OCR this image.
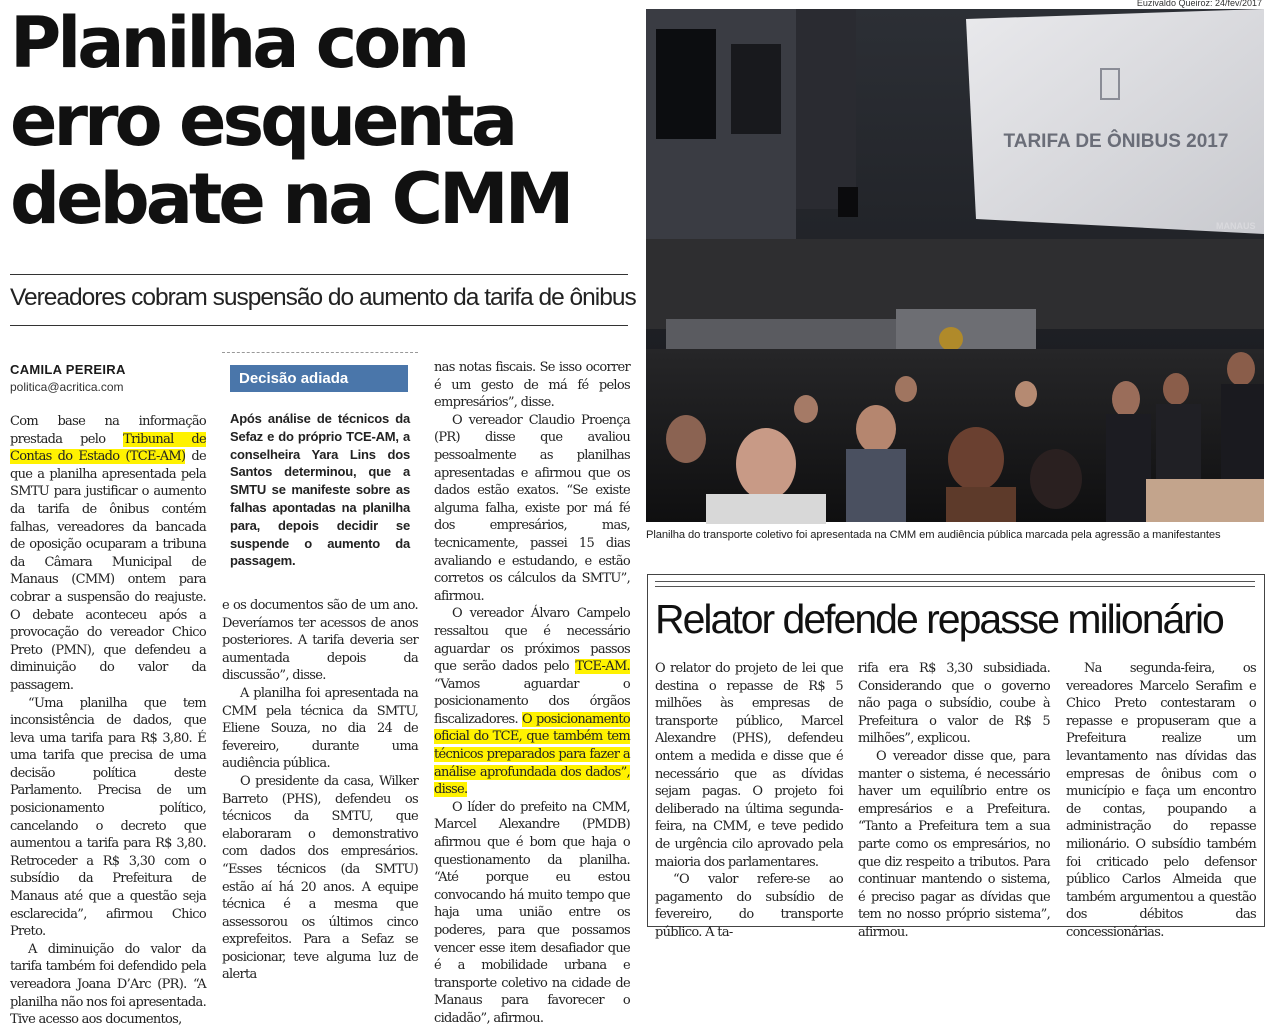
Planilha com
erro esquenta
debate na CMM
Vereadores cobram suspensão do aumento da tarifa de ônibus
CAMILA PEREIRA
politica@acritica.com

Com base na informação prestada pelo Tribunal de Contas do Estado (TCE-AM) de que a planilha apresentada pela SMTU para justificar o aumento da tarifa de ônibus contém falhas, vereadores da bancada de oposição ocuparam a tribuna da Câmara Municipal de Manaus (CMM) ontem para cobrar a suspensão do reajuste. O debate aconteceu após a provocação do vereador Chico Preto (PMN), que defendeu a diminuição do valor da passagem.

“Uma planilha que tem inconsistência de dados, que leva uma tarifa para R$ 3,80. É uma tarifa que precisa de uma decisão política deste Parlamento. Precisa de um posicionamento político, cancelando o decreto que aumentou a tarifa para R$ 3,80. Retroceder a R$ 3,30 com o subsídio da Prefeitura de Manaus até que a questão seja esclarecida”, afirmou Chico Preto.

A diminuição do valor da tarifa também foi defendido pela vereadora Joana D’Arc (PR). “A planilha não nos foi apresentada. Tive acesso aos documentos,

Decisão adiada
Após análise de técnicos da Sefaz e do próprio TCE-AM, a conselheira Yara Lins dos Santos determinou, que a SMTU se manifeste sobre as falhas apontadas na planilha para, depois decidir se suspende o aumento da passagem.

e os documentos são de um ano. Deveríamos ter acessos de anos posteriores. A tarifa deveria ser aumentada depois da discussão”, disse.

A planilha foi apresentada na CMM pela técnica da SMTU, Eliene Souza, no dia 24 de fevereiro, durante uma audiência pública.

O presidente da casa, Wilker Barreto (PHS), defendeu os técnicos da SMTU, que elaboraram o demonstrativo com dados dos empresários. “Esses técnicos (da SMTU) estão aí há 20 anos. A equipe técnica é a mesma que assessorou os últimos cinco exprefeitos. Para a Sefaz se posicionar, teve alguma luz de alerta

nas notas fiscais. Se isso ocorrer é um gesto de má fé pelos empresários”, disse.

O vereador Claudio Proença (PR) disse que avaliou pessoalmente as planilhas apresentadas e afirmou que os dados estão exatos. “Se existe alguma falha, existe por má fé dos empresários, mas, tecnicamente, passei 15 dias avaliando e estudando, e estão corretos os cálculos da SMTU”, afirmou.

O vereador Álvaro Campelo ressaltou que é necessário aguardar os próximos passos que serão dados pelo TCE-AM. “Vamos aguardar o posicionamento dos órgãos fiscalizadores. O posicionamento oficial do TCE, que também tem técnicos preparados para fazer a análise aprofundada dos dados”, disse.

O líder do prefeito na CMM, Marcel Alexandre (PMDB) afirmou que é bom que haja o questionamento da planilha. “Até porque eu estou convocando há muito tempo que haja uma união entre os poderes, para que possamos vencer esse item desafiador que é a mobilidade urbana e transporte coletivo na cidade de Manaus para favorecer o cidadão”, afirmou.

Euzivaldo Queiroz: 24/fev/2017
TARIFA DE ÔNIBUS 2017
MANAUS
Planilha do transporte coletivo foi apresentada na CMM em audiência pública marcada pela agressão a manifestantes
Relator defende repasse milionário

O relator do projeto de lei que destina o repasse de R$ 5 milhões às empresas de transporte público, Marcel Alexandre (PHS), defendeu ontem a medida e disse que é necessário que as dívidas sejam pagas. O projeto foi deliberado na última segunda-feira, na CMM, e teve pedido de urgência cilo aprovado pela maioria dos parlamentares.

“O valor refere-se ao pagamento do subsídio de fevereiro, do transporte público. A ta-

rifa era R$ 3,30 subsidiada. Considerando que o governo não paga o subsídio, coube à Prefeitura o valor de R$ 5 milhões”, explicou.

O vereador disse que, para manter o sistema, é necessário haver um equilíbrio entre os empresários e a Prefeitura. “Tanto a Prefeitura tem a sua parte como os empresários, no que diz respeito a tributos. Para continuar mantendo o sistema, é preciso pagar as dívidas que tem no nosso próprio sistema”, afirmou.

Na segunda-feira, os vereadores Marcelo Serafim e Chico Preto contestaram o repasse e propuseram que a Prefeitura realize um levantamento nas dívidas das empresas de ônibus com o município e faça um encontro de contas, poupando a administração do repasse milionário. O subsídio também foi criticado pelo defensor público Carlos Almeida que também argumentou a questão dos débitos das concessionárias.
